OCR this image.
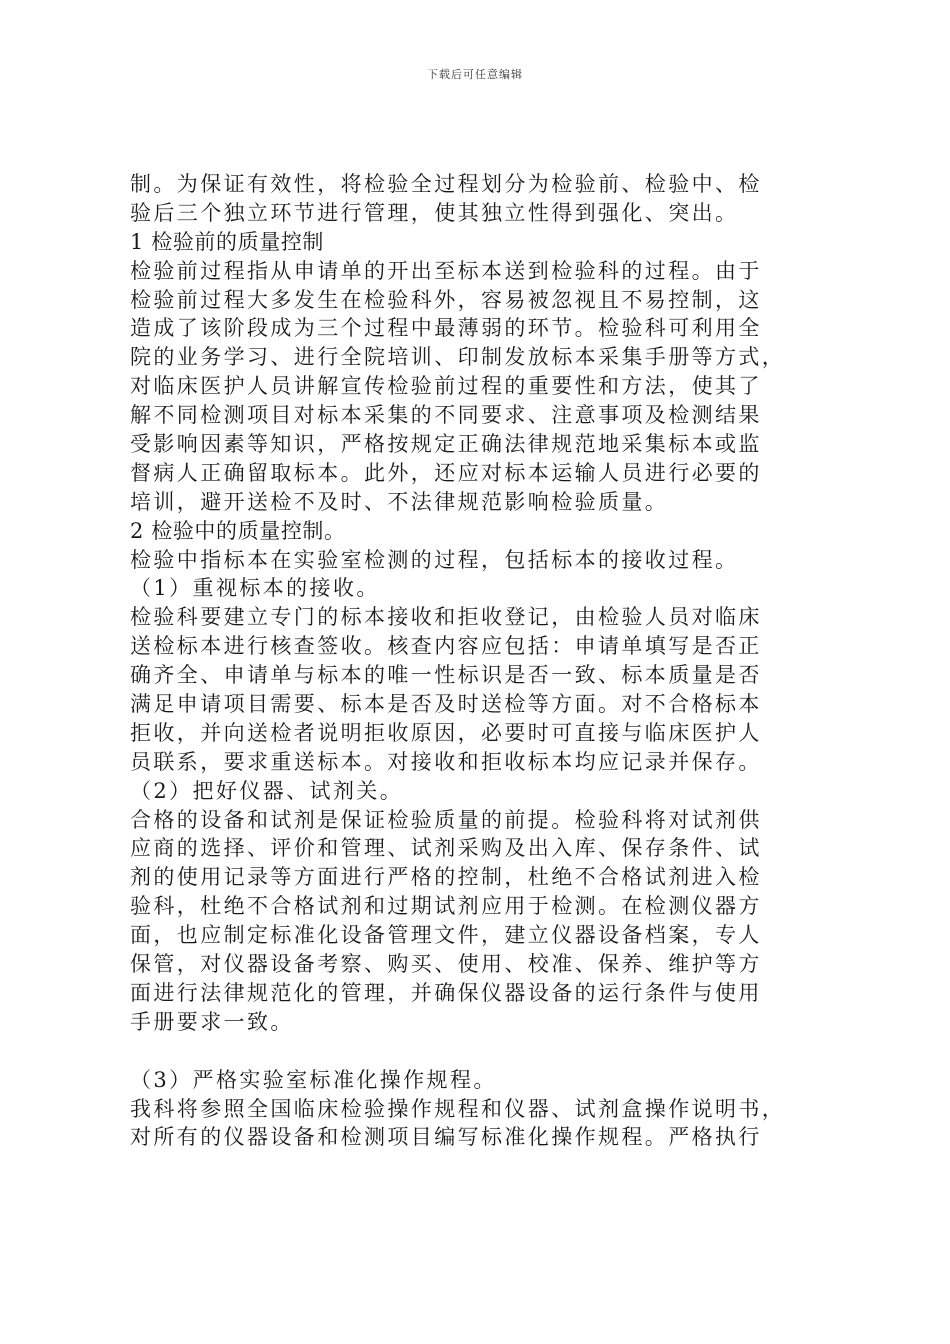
下载后可任意编辑
制。为保证有效性，将检验全过程划分为检验前、检验中、检
验后三个独立环节进行管理，使其独立性得到强化、突出。
1 检验前的质量控制
检验前过程指从申请单的开出至标本送到检验科的过程。由于
检验前过程大多发生在检验科外，容易被忽视且不易控制，这
造成了该阶段成为三个过程中最薄弱的环节。检验科可利用全
院的业务学习、进行全院培训、印制发放标本采集手册等方式，
对临床医护人员讲解宣传检验前过程的重要性和方法，使其了
解不同检测项目对标本采集的不同要求、注意事项及检测结果
受影响因素等知识，严格按规定正确法律规范地采集标本或监
督病人正确留取标本。此外，还应对标本运输人员进行必要的
培训，避开送检不及时、不法律规范影响检验质量。
2 检验中的质量控制。
检验中指标本在实验室检测的过程，包括标本的接收过程。
（1）重视标本的接收。
检验科要建立专门的标本接收和拒收登记，由检验人员对临床
送检标本进行核查签收。核查内容应包括：申请单填写是否正
确齐全、申请单与标本的唯一性标识是否一致、标本质量是否
满足申请项目需要、标本是否及时送检等方面。对不合格标本
拒收，并向送检者说明拒收原因，必要时可直接与临床医护人
员联系，要求重送标本。对接收和拒收标本均应记录并保存。
（2）把好仪器、试剂关。
合格的设备和试剂是保证检验质量的前提。检验科将对试剂供
应商的选择、评价和管理、试剂采购及出入库、保存条件、试
剂的使用记录等方面进行严格的控制，杜绝不合格试剂进入检
验科，杜绝不合格试剂和过期试剂应用于检测。在检测仪器方
面，也应制定标准化设备管理文件，建立仪器设备档案，专人
保管，对仪器设备考察、购买、使用、校准、保养、维护等方
面进行法律规范化的管理，并确保仪器设备的运行条件与使用
手册要求一致。
（3）严格实验室标准化操作规程。
我科将参照全国临床检验操作规程和仪器、试剂盒操作说明书，
对所有的仪器设备和检测项目编写标准化操作规程。严格执行
